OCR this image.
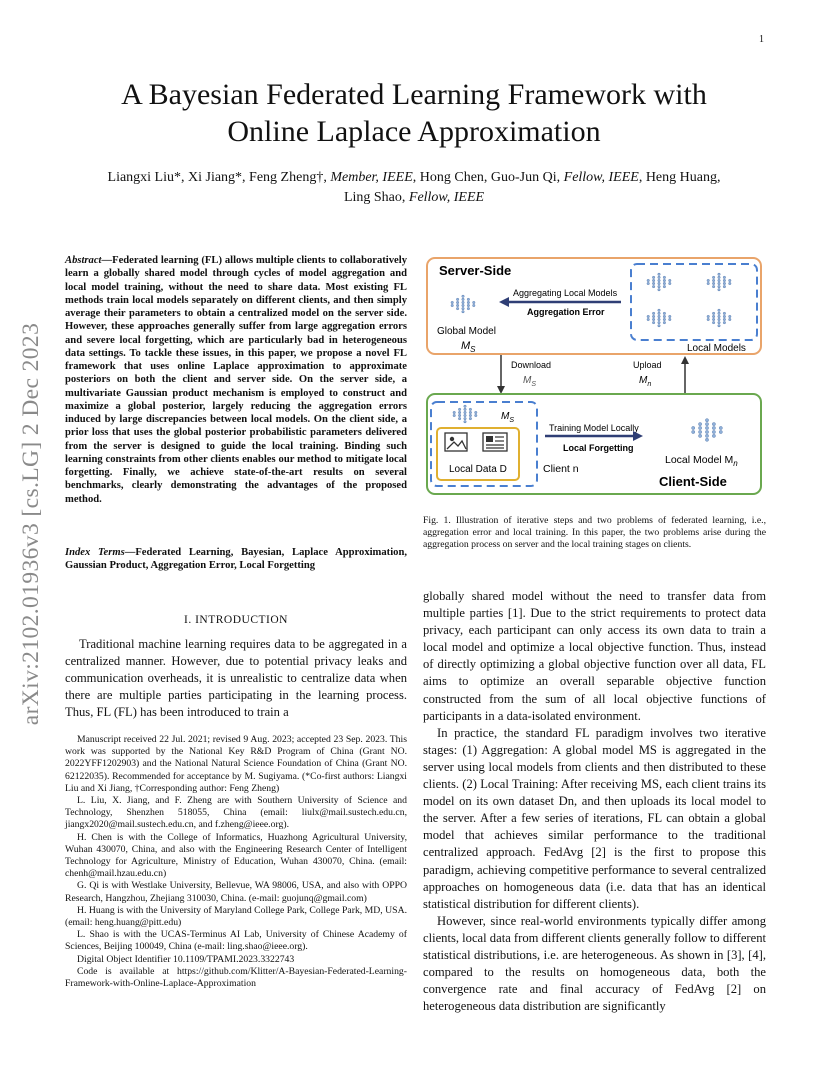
1
arXiv:2102.01936v3 [cs.LG] 2 Dec 2023
A Bayesian Federated Learning Framework with
Online Laplace Approximation
Liangxi Liu*, Xi Jiang*, Feng Zheng†, Member, IEEE, Hong Chen, Guo-Jun Qi, Fellow, IEEE, Heng Huang,
Ling Shao, Fellow, IEEE
Abstract—Federated learning (FL) allows multiple clients to collaboratively learn a globally shared model through cycles of model aggregation and local model training, without the need to share data. Most existing FL methods train local models separately on different clients, and then simply average their parameters to obtain a centralized model on the server side. However, these approaches generally suffer from large aggregation errors and severe local forgetting, which are particularly bad in heterogeneous data settings. To tackle these issues, in this paper, we propose a novel FL framework that uses online Laplace approximation to approximate posteriors on both the client and server side. On the server side, a multivariate Gaussian product mechanism is employed to construct and maximize a global posterior, largely reducing the aggregation errors induced by large discrepancies between local models. On the client side, a prior loss that uses the global posterior probabilistic parameters delivered from the server is designed to guide the local training. Binding such learning constraints from other clients enables our method to mitigate local forgetting. Finally, we achieve state-of-the-art results on several benchmarks, clearly demonstrating the advantages of the proposed method.
Index Terms—Federated Learning, Bayesian, Laplace Approximation, Gaussian Product, Aggregation Error, Local Forgetting
I. INTRODUCTION
Traditional machine learning requires data to be aggregated in a centralized manner. However, due to potential privacy leaks and communication overheads, it is unrealistic to centralize data when there are multiple parties participating in the learning process. Thus, FL (FL) has been introduced to train a

Manuscript received 22 Jul. 2021; revised 9 Aug. 2023; accepted 23 Sep. 2023. This work was supported by the National Key R&D Program of China (Grant NO. 2022YFF1202903) and the National Natural Science Foundation of China (Grant NO. 62122035). Recommended for acceptance by M. Sugiyama. (*Co-first authors: Liangxi Liu and Xi Jiang, †Corresponding author: Feng Zheng)

L. Liu, X. Jiang, and F. Zheng are with Southern University of Science and Technology, Shenzhen 518055, China (email: liulx@mail.sustech.edu.cn, jiangx2020@mail.sustech.edu.cn, and f.zheng@ieee.org).

H. Chen is with the College of Informatics, Huazhong Agricultural University, Wuhan 430070, China, and also with the Engineering Research Center of Intelligent Technology for Agriculture, Ministry of Education, Wuhan 430070, China. (email: chenh@mail.hzau.edu.cn)

G. Qi is with Westlake University, Bellevue, WA 98006, USA, and also with OPPO Research, Hangzhou, Zhejiang 310030, China. (e-mail: guojunq@gmail.com)

H. Huang is with the University of Maryland College Park, College Park, MD, USA. (email: heng.huang@pitt.edu)

L. Shao is with the UCAS-Terminus AI Lab, University of Chinese Academy of Sciences, Beijing 100049, China (e-mail: ling.shao@ieee.org).

Digital Object Identifier 10.1109/TPAMI.2023.3322743

Code is available at https://github.com/Klitter/A-Bayesian-Federated-Learning-Framework-with-Online-Laplace-Approximation

Server-Side
Global Model
$M_S$
Aggregating Local Models
Aggregation Error
Local Models
Download
$M_S$
Upload
$M_n$
$M_S$
Local Data D	Client n
Training Model Locally
Local Forgetting
Local Model $M_n$
Client-Side
Fig. 1. Illustration of iterative steps and two problems of federated learning, i.e., aggregation error and local training. In this paper, the two problems arise during the aggregation process on server and the local training stages on clients.

globally shared model without the need to transfer data from multiple parties [1]. Due to the strict requirements to protect data privacy, each participant can only access its own data to train a local model and optimize a local objective function. Thus, instead of directly optimizing a global objective function over all data, FL aims to optimize an overall separable objective function constructed from the sum of all local objective functions of participants in a data-isolated environment.

In practice, the standard FL paradigm involves two iterative stages: (1) Aggregation: A global model MS is aggregated in the server using local models from clients and then distributed to these clients. (2) Local Training: After receiving MS, each client trains its model on its own dataset Dn, and then uploads its local model to the server. After a few series of iterations, FL can obtain a global model that achieves similar performance to the traditional centralized approach. FedAvg [2] is the first to propose this paradigm, achieving competitive performance to several centralized approaches on homogeneous data (i.e. data that has an identical statistical distribution for different clients).

However, since real-world environments typically differ among clients, local data from different clients generally follow to different statistical distributions, i.e. are heterogeneous. As shown in [3], [4], compared to the results on homogeneous data, both the convergence rate and final accuracy of FedAvg [2] on heterogeneous data distribution are significantly
